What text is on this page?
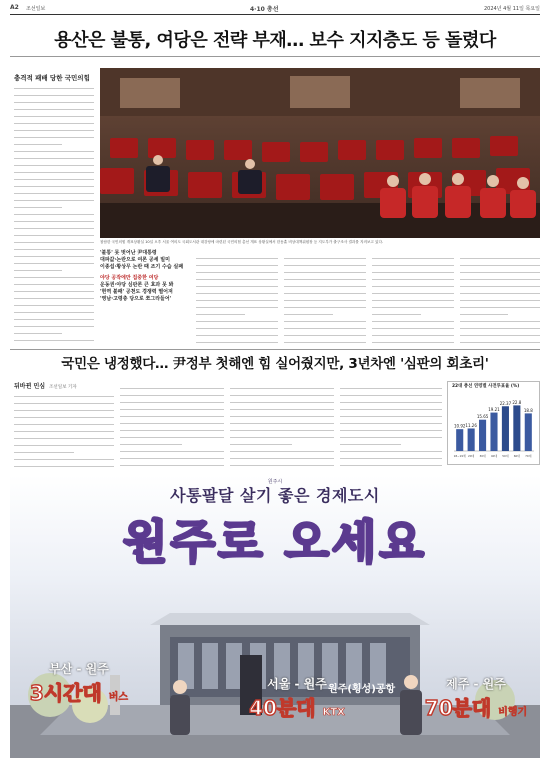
A2 조선일보	4·10 총선	2024년 4월 11일 목요일
용산은 불통, 여당은 전략 부재… 보수 지지층도 등 돌렸다
충격적 패배 당한 국민의힘
참담한 국민의힘 개표상황실 10일 오후 서울 여의도 국회도서관 대강당에 마련된 국민의힘 총선 개표 상황실에서 한동훈 비상대책위원장 등 지도부가 출구조사 결과를 지켜보고 있다.
'불통' 못 벗어난 尹대통령
대파값·논란으로 여론 공세 빌미
이종섭·황상무 논란 때 조기 수습 실패
야당 공작에만 집중한 여당
운동권·야당 심판론 큰 효과 못 봐
'현역 불패' 공천도 경쟁력 떨어져
'영남·고령층 당으로 쪼그라들어'
국민은 냉정했다… 尹정부 첫해엔 힘 실어줬지만, 3년차엔 '심판의 회초리'
뒤바뀐 민심 조선일보 기자	22대 총선 연령별 사전투표율 (%)
10.92
18~19세
11.26
20대
15.65
30대
19.21
40대
22.37
50대
22.8
60대
18.8
70대
원주시
사통팔달 살기 좋은 경제도시
원주로 오세요
원주(횡성)공항
부산 - 원주
3시간대 버스
서울 - 원주
40분대 KTX
제주 - 원주
70분대 비행기
